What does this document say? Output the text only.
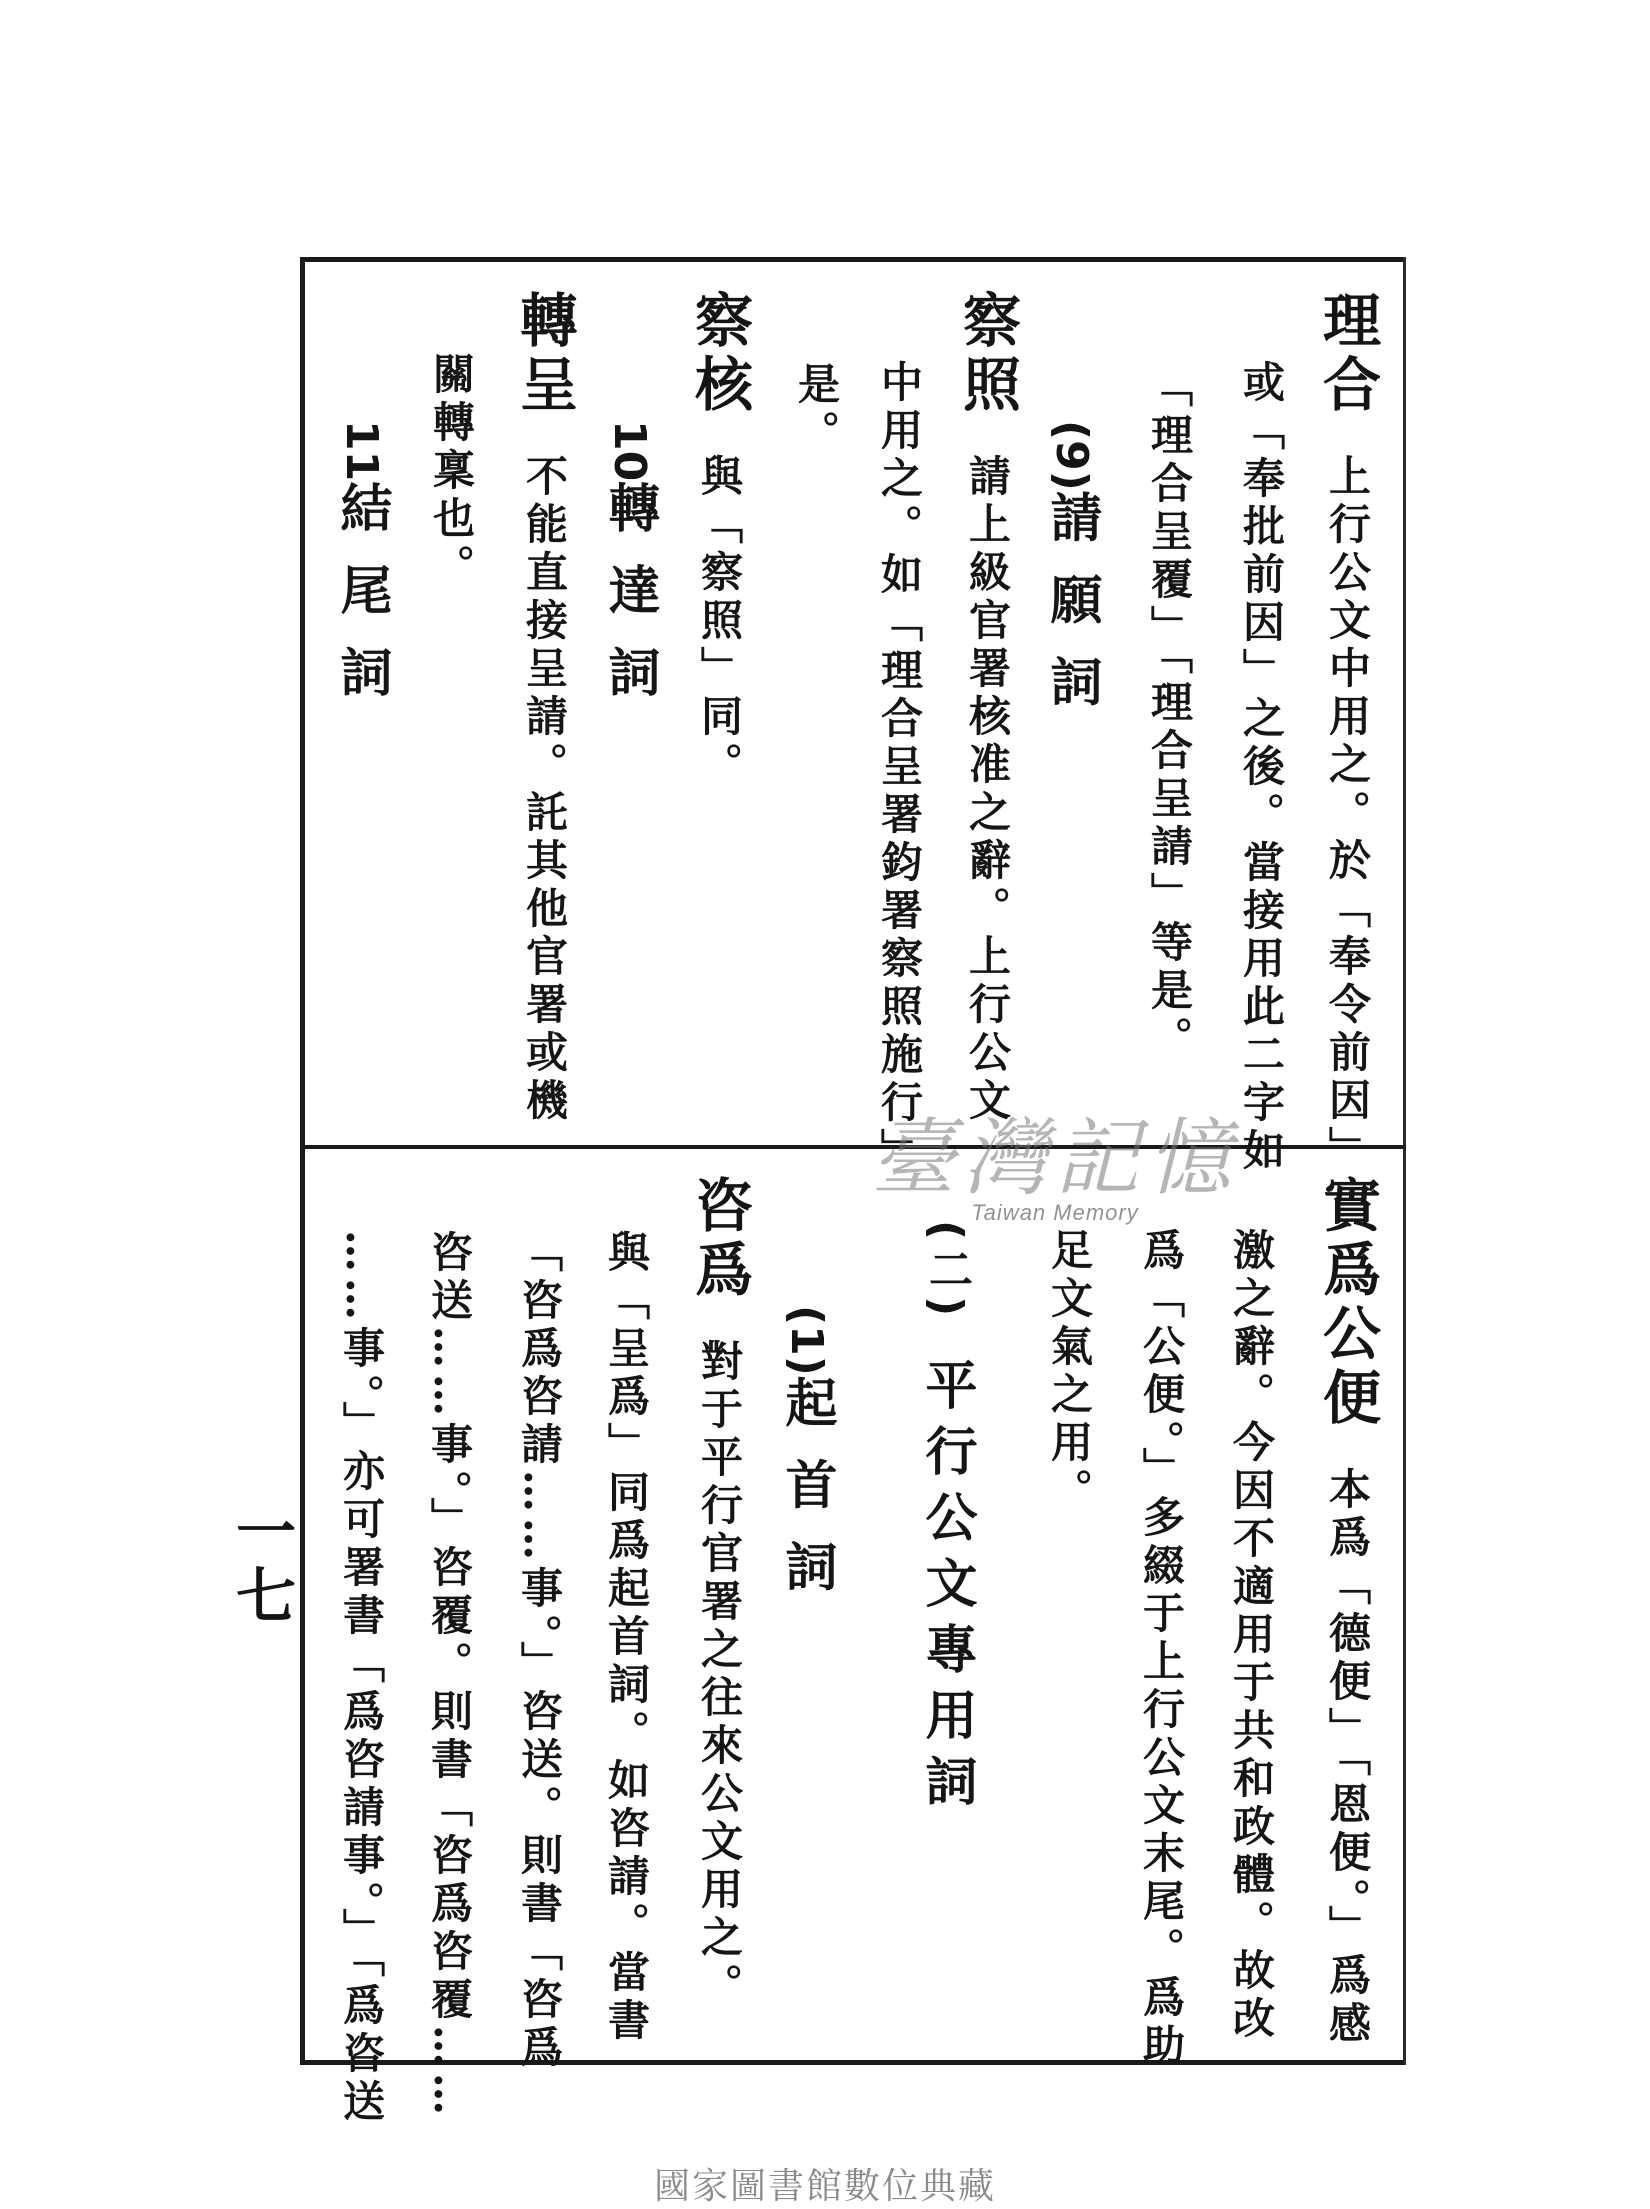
理合上行公文中用之。於「奉令前因」
或「奉批前因」之後。當接用此二字如
「理合呈覆」「理合呈請」等是。
(9)請願詞
察照請上級官署核准之辭。上行公文
中用之。如「理合呈署鈞署察照施行」
是。
察核與「察照」同。
10轉達詞
轉呈不能直接呈請。託其他官署或機
關轉稟也。
11結尾詞
實爲公便本爲「德便」「恩便。」爲感
激之辭。今因不適用于共和政體。故改
爲「公便。」多綴于上行公文末尾。爲助
足文氣之用。
(二)平行公文專用詞
(1)起首詞
咨爲對于平行官署之往來公文用之。
與「呈爲」同爲起首詞。如咨請。當書
「咨爲咨請……事。」咨送。則書「咨爲
咨送……事。」咨覆。則書「咨爲咨覆……
……事。」亦可署書「爲咨請事。」「爲咨送
一七
臺灣記憶
Taiwan Memory
國家圖書館數位典藏
